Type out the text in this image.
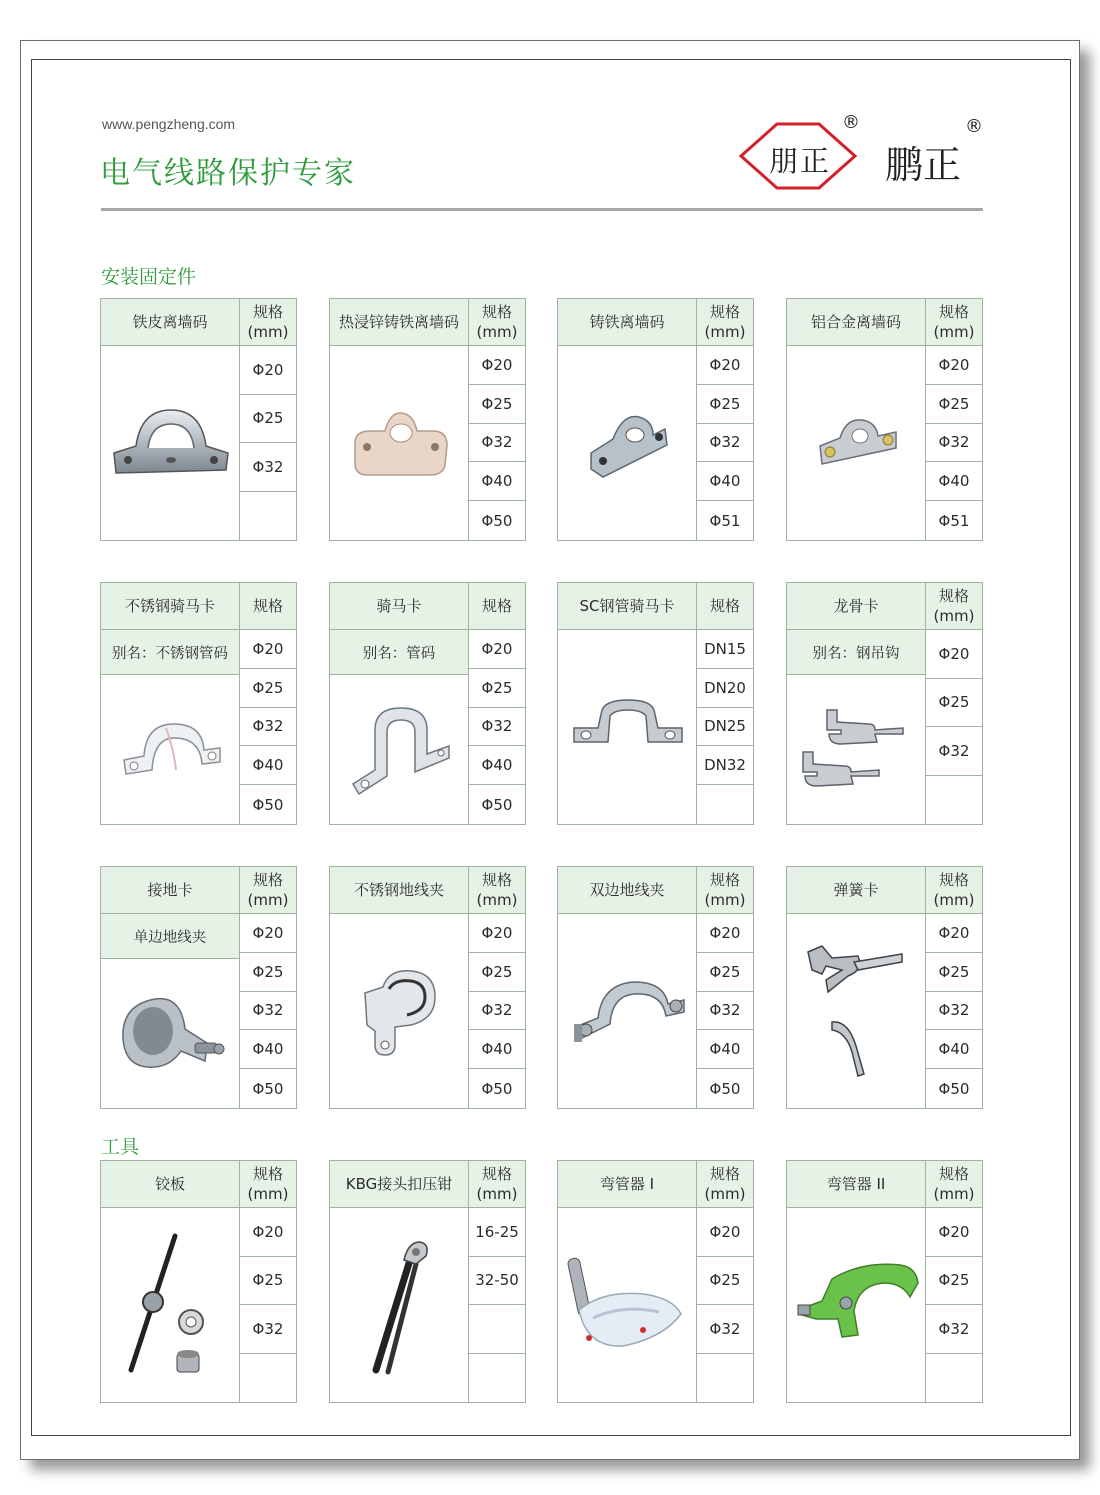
www.pengzheng.com
电气线路保护专家	朋正
®
鹏正
®
安装固定件
工具
铁皮离墙码
规格
(mm)
Φ20
Φ25
Φ32
热浸锌铸铁离墙码
规格
(mm)
Φ20
Φ25
Φ32
Φ40
Φ50
铸铁离墙码
规格
(mm)
Φ20
Φ25
Φ32
Φ40
Φ51
铝合金离墙码
规格
(mm)
Φ20
Φ25
Φ32
Φ40
Φ51
不锈钢骑马卡
别名：不锈钢管码
规格
Φ20
Φ25
Φ32
Φ40
Φ50
骑马卡
别名：管码
规格
Φ20
Φ25
Φ32
Φ40
Φ50
SC钢管骑马卡	规格
DN15
DN20
DN25
DN32
龙骨卡
别名：钢吊钩
规格
(mm)
Φ20
Φ25
Φ32
接地卡
单边地线夹
规格
(mm)
Φ20
Φ25
Φ32
Φ40
Φ50
不锈钢地线夹
规格
(mm)
Φ20
Φ25
Φ32
Φ40
Φ50
双边地线夹
规格
(mm)
Φ20
Φ25
Φ32
Φ40
Φ50
弹簧卡
规格
(mm)
Φ20
Φ25
Φ32
Φ40
Φ50
铰板
规格
(mm)
Φ20
Φ25
Φ32
KBG接头扣压钳
规格
(mm)
16-25
32-50
弯管器 I
规格
(mm)
Φ20
Φ25
Φ32
弯管器 II
规格
(mm)
Φ20
Φ25
Φ32
